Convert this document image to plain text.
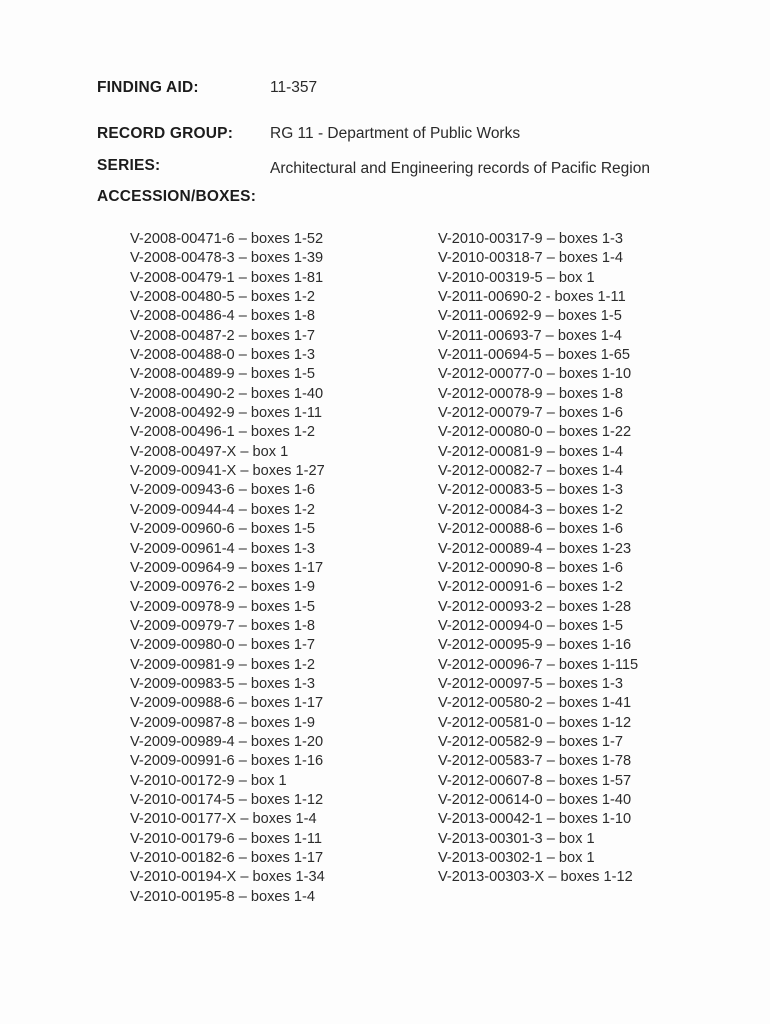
FINDING AID:	11-357
RECORD GROUP: RG 11 - Department of Public Works
SERIES:	Architectural and Engineering records of Pacific Region
ACCESSION/BOXES:
V-2008-00471-6 – boxes 1-52
V-2008-00478-3 – boxes 1-39
V-2008-00479-1 – boxes 1-81
V-2008-00480-5 – boxes 1-2
V-2008-00486-4 – boxes 1-8
V-2008-00487-2 – boxes 1-7
V-2008-00488-0 – boxes 1-3
V-2008-00489-9 – boxes 1-5
V-2008-00490-2 – boxes 1-40
V-2008-00492-9 – boxes 1-11
V-2008-00496-1 – boxes 1-2
V-2008-00497-X – box 1
V-2009-00941-X – boxes 1-27
V-2009-00943-6 – boxes 1-6
V-2009-00944-4 – boxes 1-2
V-2009-00960-6 – boxes 1-5
V-2009-00961-4 – boxes 1-3
V-2009-00964-9 – boxes 1-17
V-2009-00976-2 – boxes 1-9
V-2009-00978-9 – boxes 1-5
V-2009-00979-7 – boxes 1-8
V-2009-00980-0 – boxes 1-7
V-2009-00981-9 – boxes 1-2
V-2009-00983-5 – boxes 1-3
V-2009-00988-6 – boxes 1-17
V-2009-00987-8 – boxes 1-9
V-2009-00989-4 – boxes 1-20
V-2009-00991-6 – boxes 1-16
V-2010-00172-9 – box 1
V-2010-00174-5 – boxes 1-12
V-2010-00177-X – boxes 1-4
V-2010-00179-6 – boxes 1-11
V-2010-00182-6 – boxes 1-17
V-2010-00194-X – boxes 1-34
V-2010-00195-8 – boxes 1-4
V-2010-00317-9 – boxes 1-3
V-2010-00318-7 – boxes 1-4
V-2010-00319-5 – box 1
V-2011-00690-2 - boxes 1-11
V-2011-00692-9 – boxes 1-5
V-2011-00693-7 – boxes 1-4
V-2011-00694-5 – boxes 1-65
V-2012-00077-0 – boxes 1-10
V-2012-00078-9 – boxes 1-8
V-2012-00079-7 – boxes 1-6
V-2012-00080-0 – boxes 1-22
V-2012-00081-9 – boxes 1-4
V-2012-00082-7 – boxes 1-4
V-2012-00083-5 – boxes 1-3
V-2012-00084-3 – boxes 1-2
V-2012-00088-6 – boxes 1-6
V-2012-00089-4 – boxes 1-23
V-2012-00090-8 – boxes 1-6
V-2012-00091-6 – boxes 1-2
V-2012-00093-2 – boxes 1-28
V-2012-00094-0 – boxes 1-5
V-2012-00095-9 – boxes 1-16
V-2012-00096-7 – boxes 1-115
V-2012-00097-5 – boxes 1-3
V-2012-00580-2 – boxes 1-41
V-2012-00581-0 – boxes 1-12
V-2012-00582-9 – boxes 1-7
V-2012-00583-7 – boxes 1-78
V-2012-00607-8 – boxes 1-57
V-2012-00614-0 – boxes 1-40
V-2013-00042-1 – boxes 1-10
V-2013-00301-3 – box 1
V-2013-00302-1 – box 1
V-2013-00303-X – boxes 1-12
